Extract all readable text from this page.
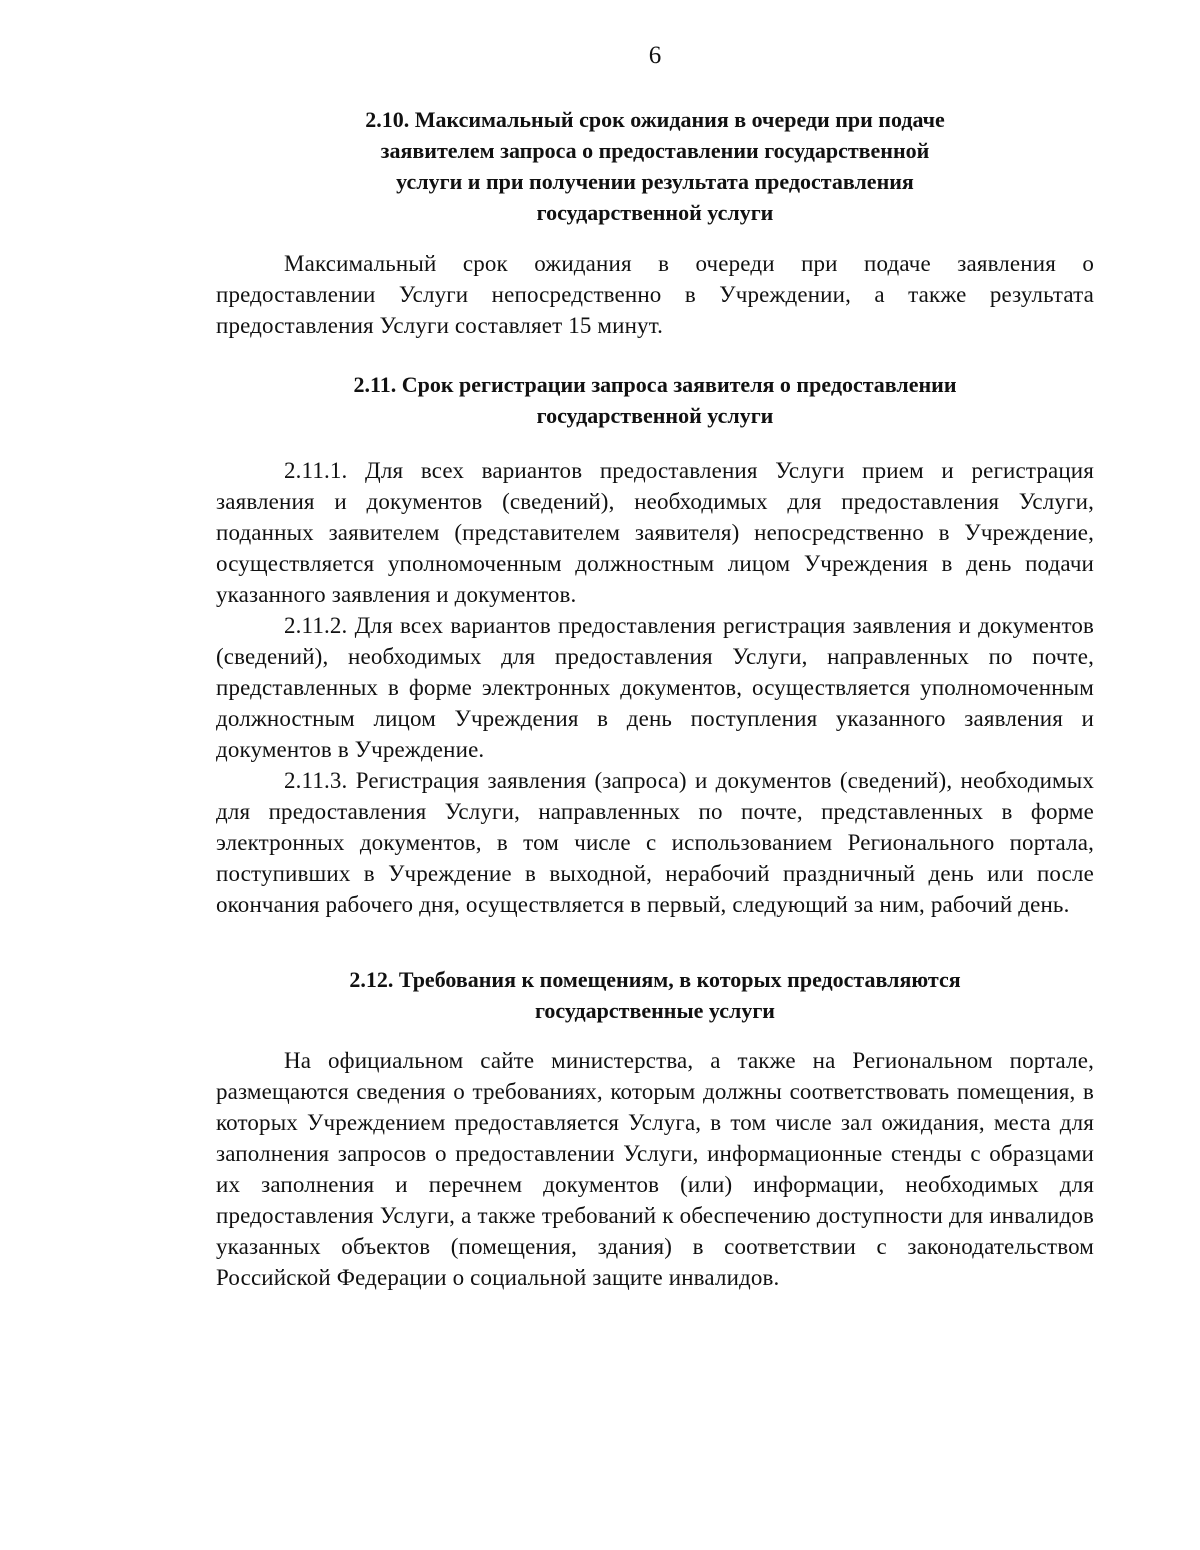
6
2.10. Максимальный срок ожидания в очереди при подаче
заявителем запроса о предоставлении государственной
услуги и при получении результата предоставления
государственной услуги

Максимальный срок ожидания в очереди при подаче заявления о предоставлении Услуги непосредственно в Учреждении, а также результата предоставления Услуги составляет 15 минут.

2.11. Срок регистрации запроса заявителя о предоставлении
государственной услуги

2.11.1. Для всех вариантов предоставления Услуги прием и регистрация заявления и документов (сведений), необходимых для предоставления Услуги, поданных заявителем (представителем заявителя) непосредственно в Учреждение, осуществляется уполномоченным должностным лицом Учреждения в день подачи указанного заявления и документов.

2.11.2. Для всех вариантов предоставления регистрация заявления и документов (сведений), необходимых для предоставления Услуги, направленных по почте, представленных в форме электронных документов, осуществляется уполномоченным должностным лицом Учреждения в день поступления указанного заявления и документов в Учреждение.

2.11.3. Регистрация заявления (запроса) и документов (сведений), необходимых для предоставления Услуги, направленных по почте, представленных в форме электронных документов, в том числе с использованием Регионального портала, поступивших в Учреждение в выходной, нерабочий праздничный день или после окончания рабочего дня, осуществляется в первый, следующий за ним, рабочий день.

2.12. Требования к помещениям, в которых предоставляются
государственные услуги

На официальном сайте министерства, а также на Региональном портале, размещаются сведения о требованиях, которым должны соответствовать помещения, в которых Учреждением предоставляется Услуга, в том числе зал ожидания, места для заполнения запросов о предоставлении Услуги, информационные стенды с образцами их заполнения и перечнем документов (или) информации, необходимых для предоставления Услуги, а также требований к обеспечению доступности для инвалидов указанных объектов (помещения, здания) в соответствии с законодательством Российской Федерации о социальной защите инвалидов.
